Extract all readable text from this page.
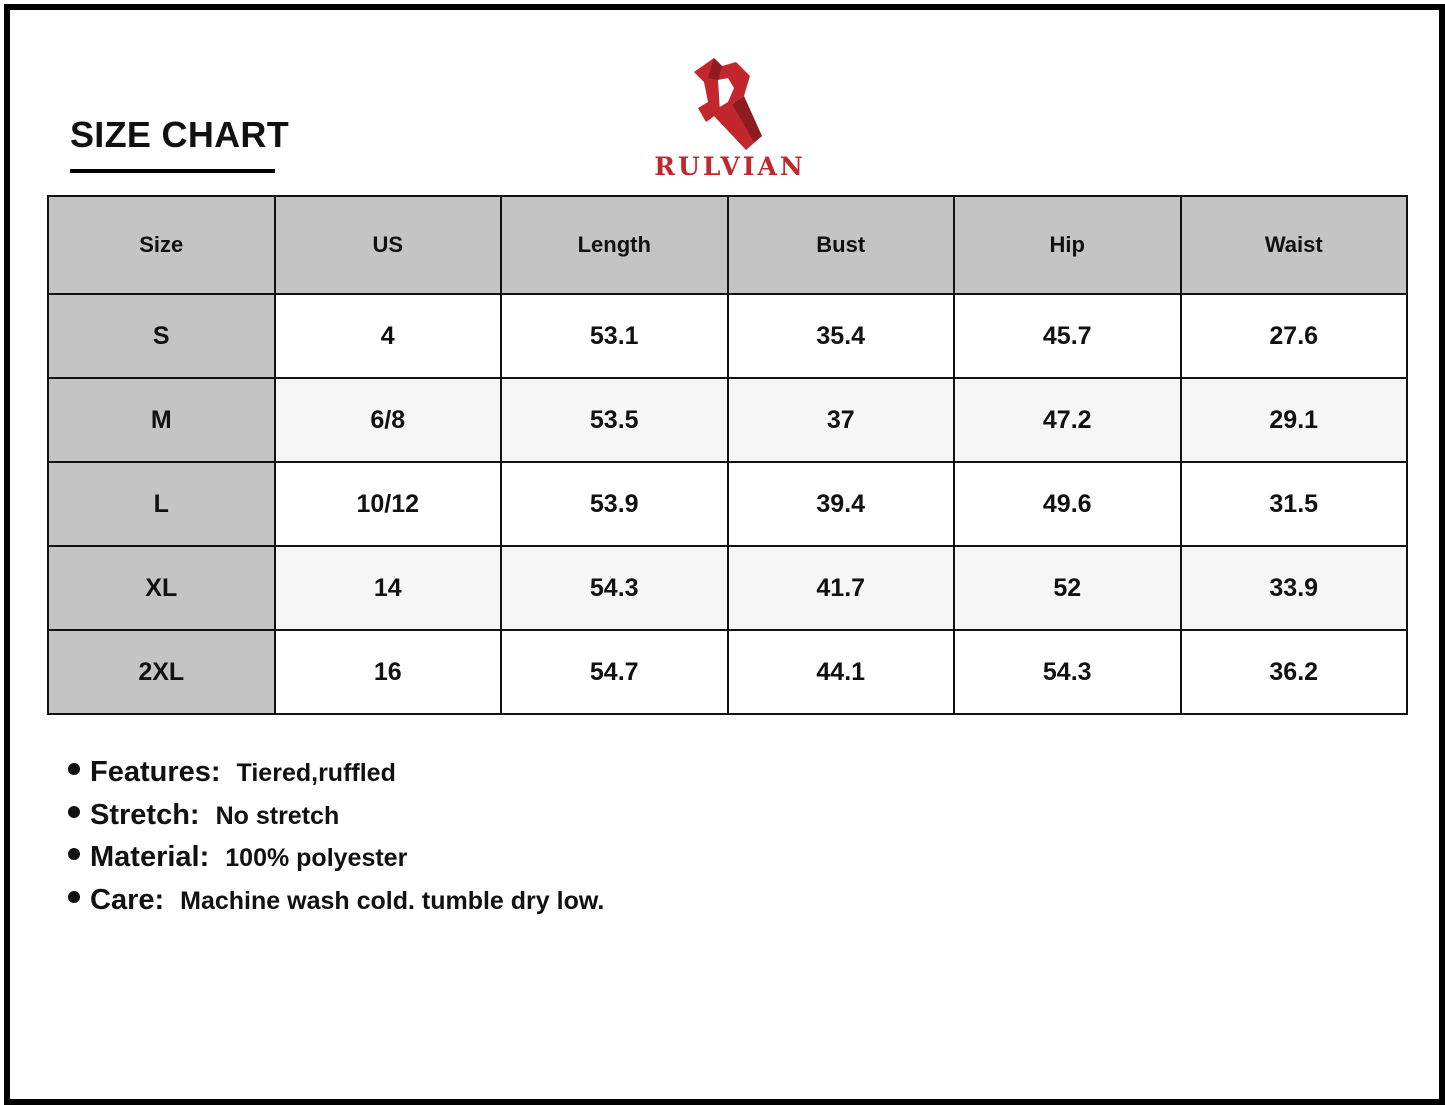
SIZE CHART
RULVIAN
Size	US	Length	Bust	Hip	Waist
S	4	53.1	35.4	45.7	27.6
M	6/8	53.5	37	47.2	29.1
L	10/12	53.9	39.4	49.6	31.5
XL	14	54.3	41.7	52	33.9
2XL	16	54.7	44.1	54.3	36.2
Features: Tiered,ruffled
Stretch: No stretch
Material: 100% polyester
Care: Machine wash cold. tumble dry low.
